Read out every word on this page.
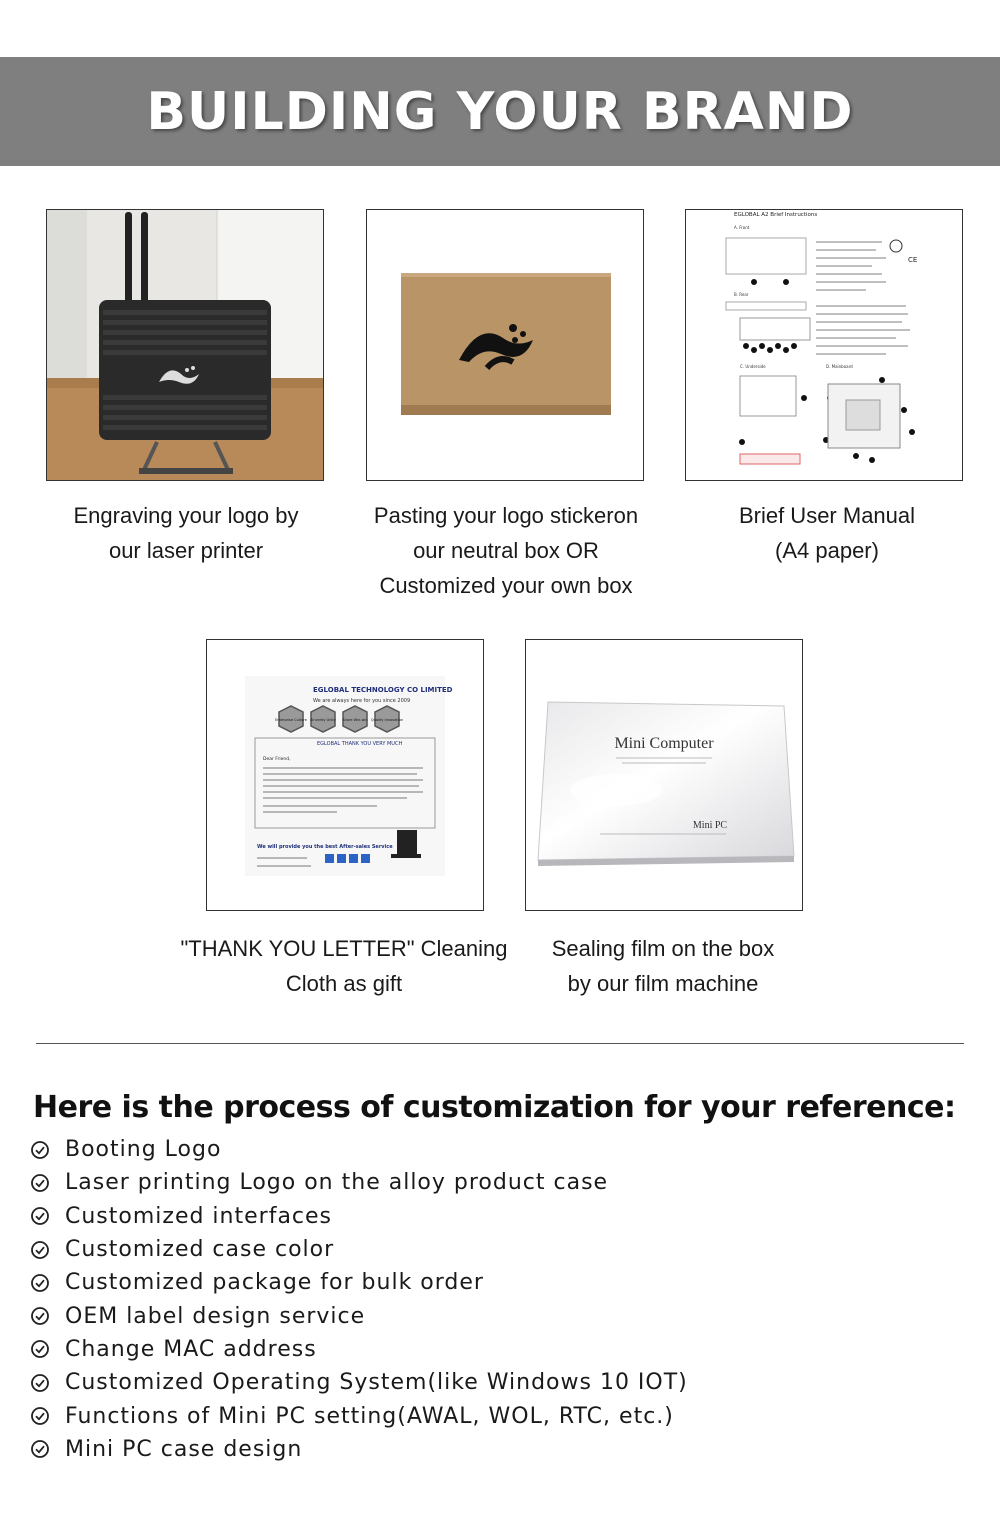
BUILDING YOUR BRAND
Engraving your logo by
our laser printer
Pasting your logo stickeron
our neutral box OR
Customized your own box
EGLOBAL A2 Brief Instructions
A. Front
B. Rear
CE
C. Underside	D. Mainboard
Brief User Manual
(A4 paper)
EGLOBAL TECHNOLOGY CO LIMITED
We are always here for you since 2009
Enterprise Culture Sincerity Unity Share Win-win Quality Innovation
EGLOBAL THANK YOU VERY MUCH
Dear Friend,
We will provide you the best After-sales Service
"THANK YOU LETTER" Cleaning
Cloth as gift
Mini Computer
Mini PC
Sealing film on the box
by our film machine
Here is the process of customization for your reference:
Booting Logo
Laser printing Logo on the alloy product case
Customized interfaces
Customized case color
Customized package for bulk order
OEM label design service
Change MAC address
Customized Operating System(like Windows 10 IOT)
Functions of Mini PC setting(AWAL, WOL, RTC, etc.)
Mini PC case design
